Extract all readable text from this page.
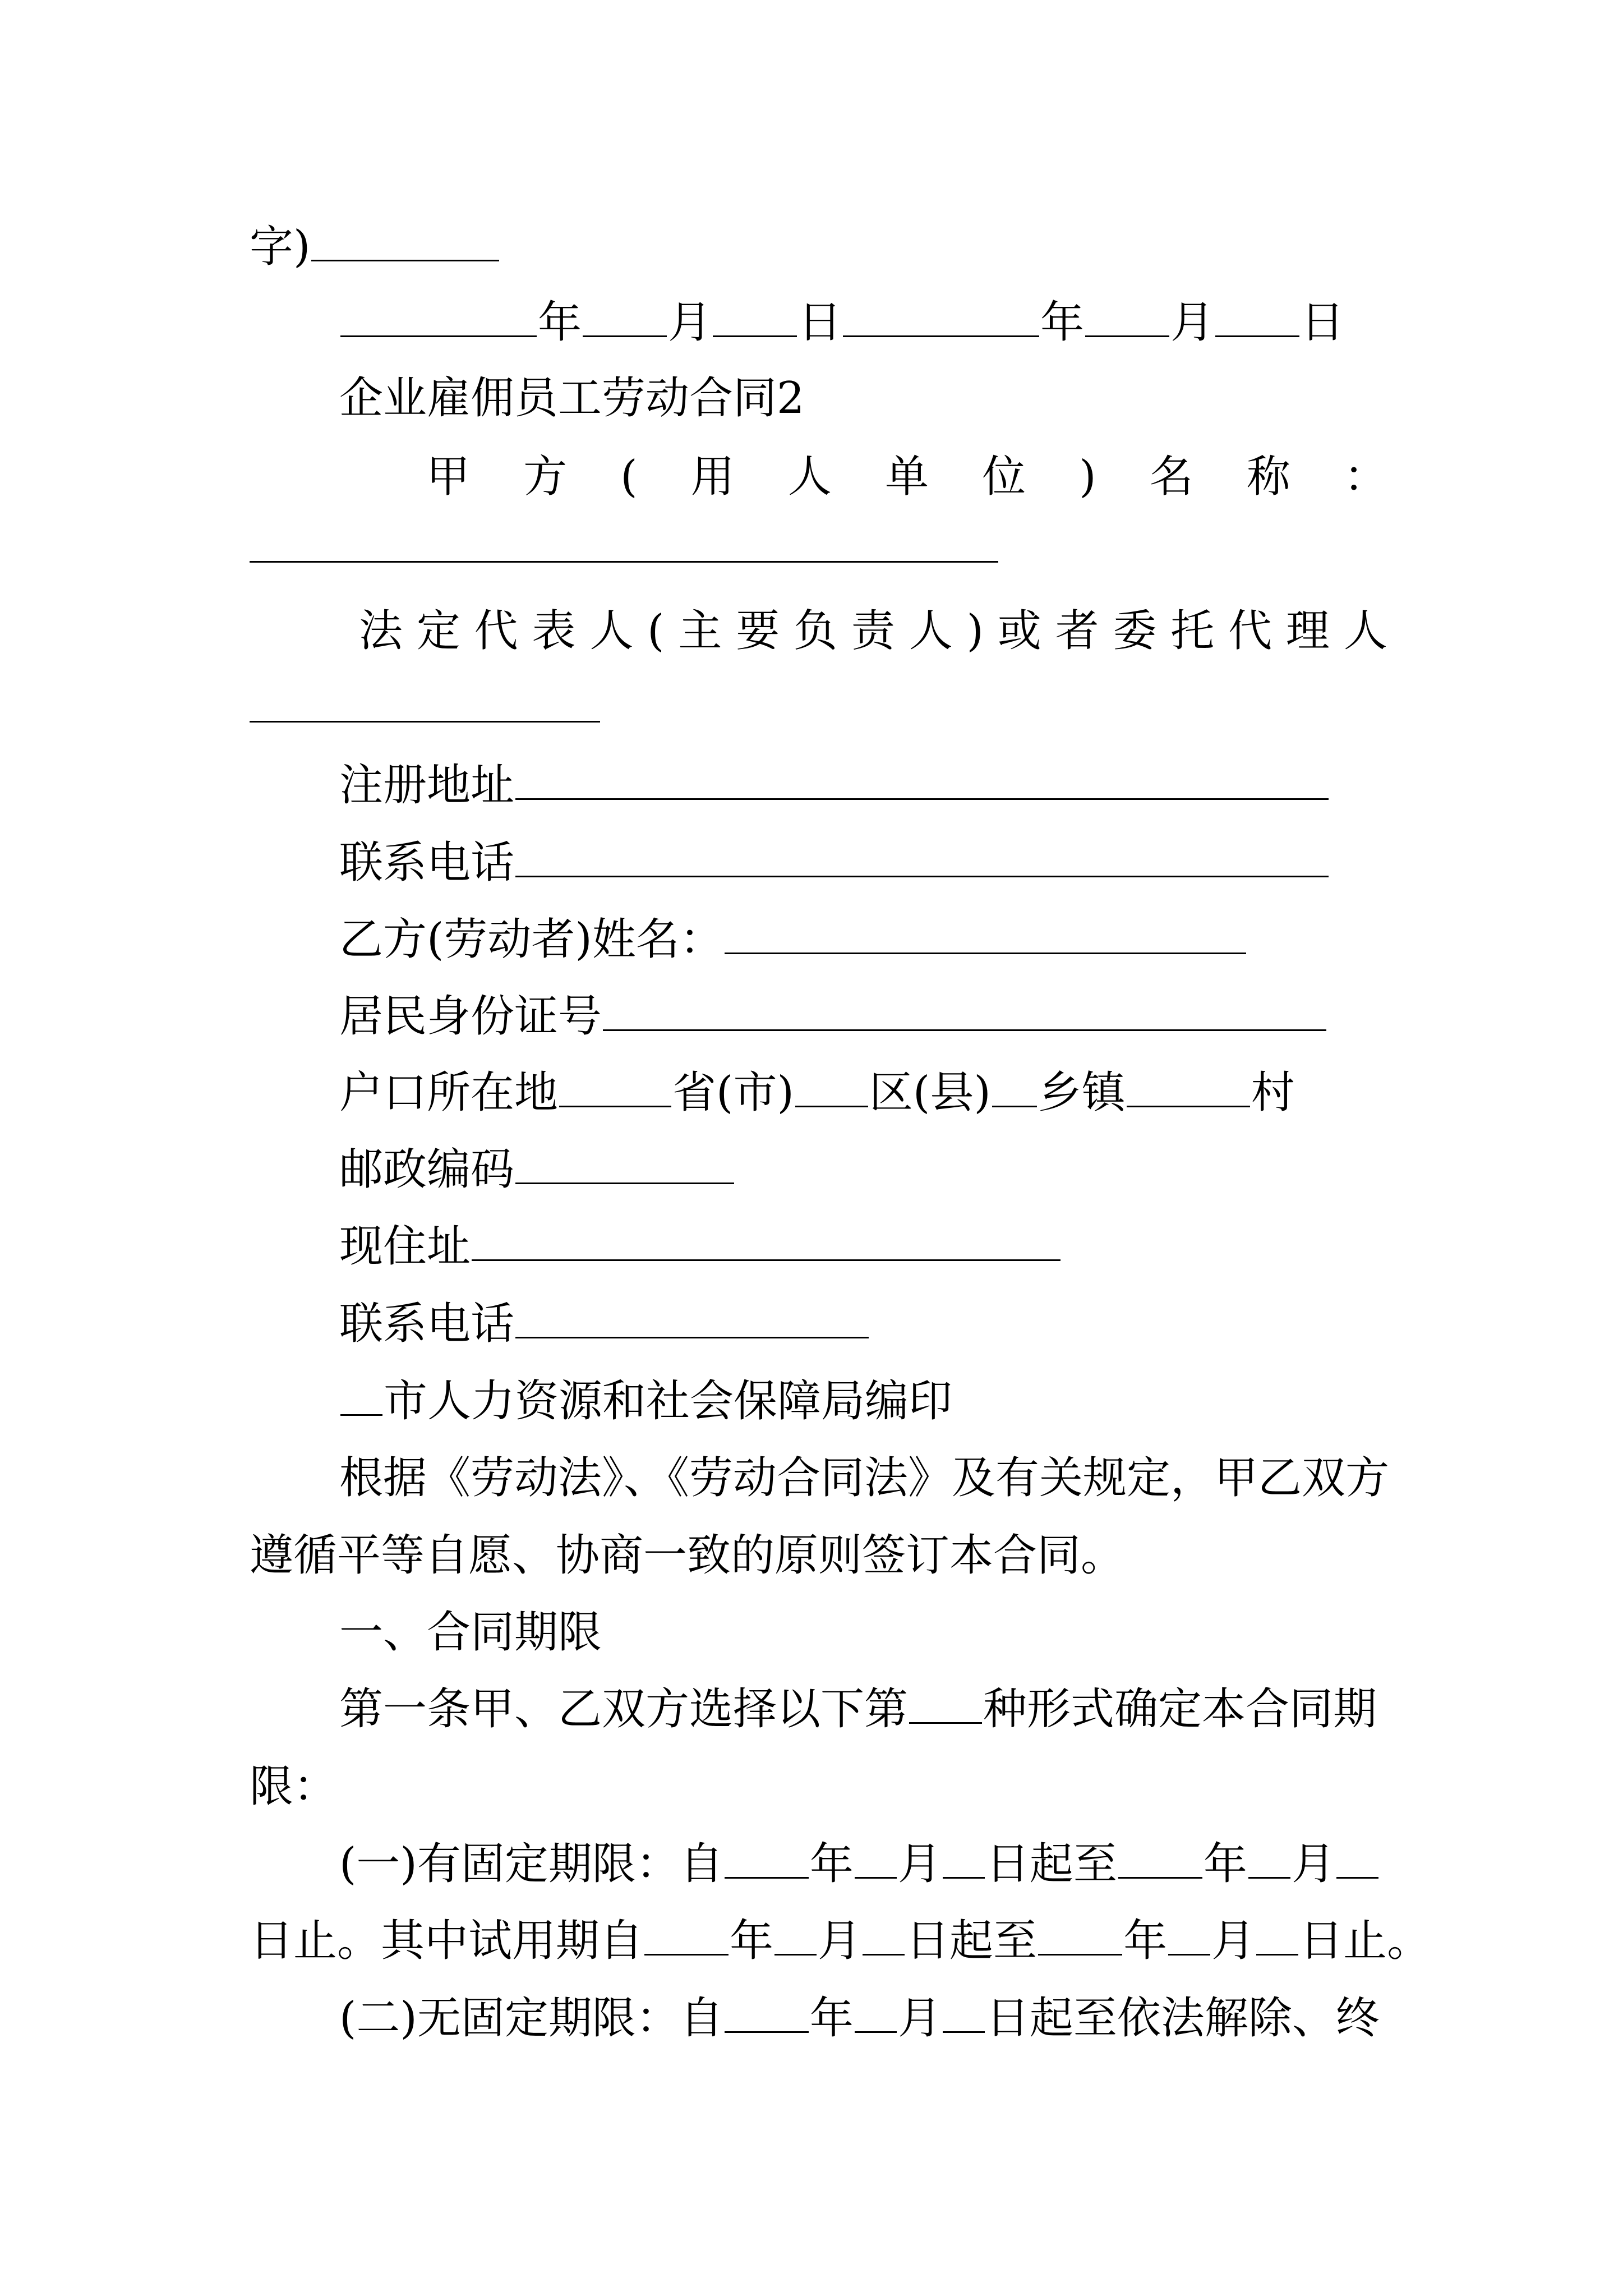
字)
年 月 日	年 月 日
企业雇佣员工劳动合同2
甲 方 ( 用 人 单 位 ) 名 称 ：
法 定 代 表 人 ( 主 要 负 责 人 ) 或 者 委 托 代 理 人
注册地址
联系电话
乙方(劳动者)姓名：
居民身份证号
户口所在地	省(市) 区(县) 乡镇	村
邮政编码
现住址
联系电话
市人力资源和社会保障局编印
根据《劳动法》、《劳动合同法》及有关规定，甲乙双方
遵循平等自愿、协商一致的原则签订本合同。
一、合同期限
第一条甲、乙双方选择以下第 种形式确定本合同期
限：
(一)有固定期限：自 年 月 日起至 年 月
日止。其中试用期自 年 月 日起至 年 月 日止。
(二)无固定期限：自 年 月 日起至依法解除、终
